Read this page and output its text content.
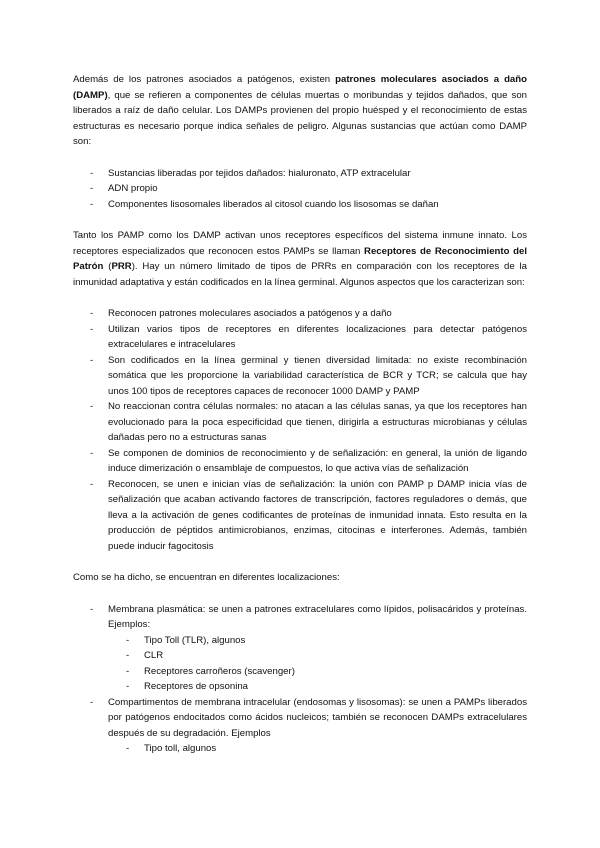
Además de los patrones asociados a patógenos, existen patrones moleculares asociados a daño (DAMP), que se refieren a componentes de células muertas o moribundas y tejidos dañados, que son liberados a raíz de daño celular. Los DAMPs provienen del propio huésped y el reconocimiento de estas estructuras es necesario porque indica señales de peligro. Algunas sustancias que actúan como DAMP son:

- Sustancias liberadas por tejidos dañados: hialuronato, ATP extracelular
- ADN propio
- Componentes lisosomales liberados al citosol cuando los lisosomas se dañan

Tanto los PAMP como los DAMP activan unos receptores específicos del sistema inmune innato. Los receptores especializados que reconocen estos PAMPs se llaman Receptores de Reconocimiento del Patrón (PRR). Hay un número limitado de tipos de PRRs en comparación con los receptores de la inmunidad adaptativa y están codificados en la línea germinal. Algunos aspectos que los caracterizan son:

- Reconocen patrones moleculares asociados a patógenos y a daño
- Utilizan varios tipos de receptores en diferentes localizaciones para detectar patógenos extracelulares e intracelulares
- Son codificados en la línea germinal y tienen diversidad limitada: no existe recombinación somática que les proporcione la variabilidad característica de BCR y TCR; se calcula que hay unos 100 tipos de receptores capaces de reconocer 1000 DAMP y PAMP
- No reaccionan contra células normales: no atacan a las células sanas, ya que los receptores han evolucionado para la poca especificidad que tienen, dirigirla a estructuras microbianas y células dañadas pero no a estructuras sanas
- Se componen de dominios de reconocimiento y de señalización: en general, la unión de ligando induce dimerización o ensamblaje de compuestos, lo que activa vías de señalización
- Reconocen, se unen e inician vías de señalización: la unión con PAMP p DAMP inicia vías de señalización que acaban activando factores de transcripción, factores reguladores o demás, que lleva a la activación de genes codificantes de proteínas de inmunidad innata. Esto resulta en la producción de péptidos antimicrobianos, enzimas, citocinas e interferones. Además, también puede inducir fagocitosis

Como se ha dicho, se encuentran en diferentes localizaciones:

- Membrana plasmática: se unen a patrones extracelulares como lípidos, polisacáridos y proteínas. Ejemplos:
- Tipo Toll (TLR), algunos
- CLR
- Receptores carroñeros (scavenger)
- Receptores de opsonina
- Compartimentos de membrana intracelular (endosomas y lisosomas): se unen a PAMPs liberados por patógenos endocitados como ácidos nucleicos; también se reconocen DAMPs extracelulares después de su degradación. Ejemplos
- Tipo toll, algunos
